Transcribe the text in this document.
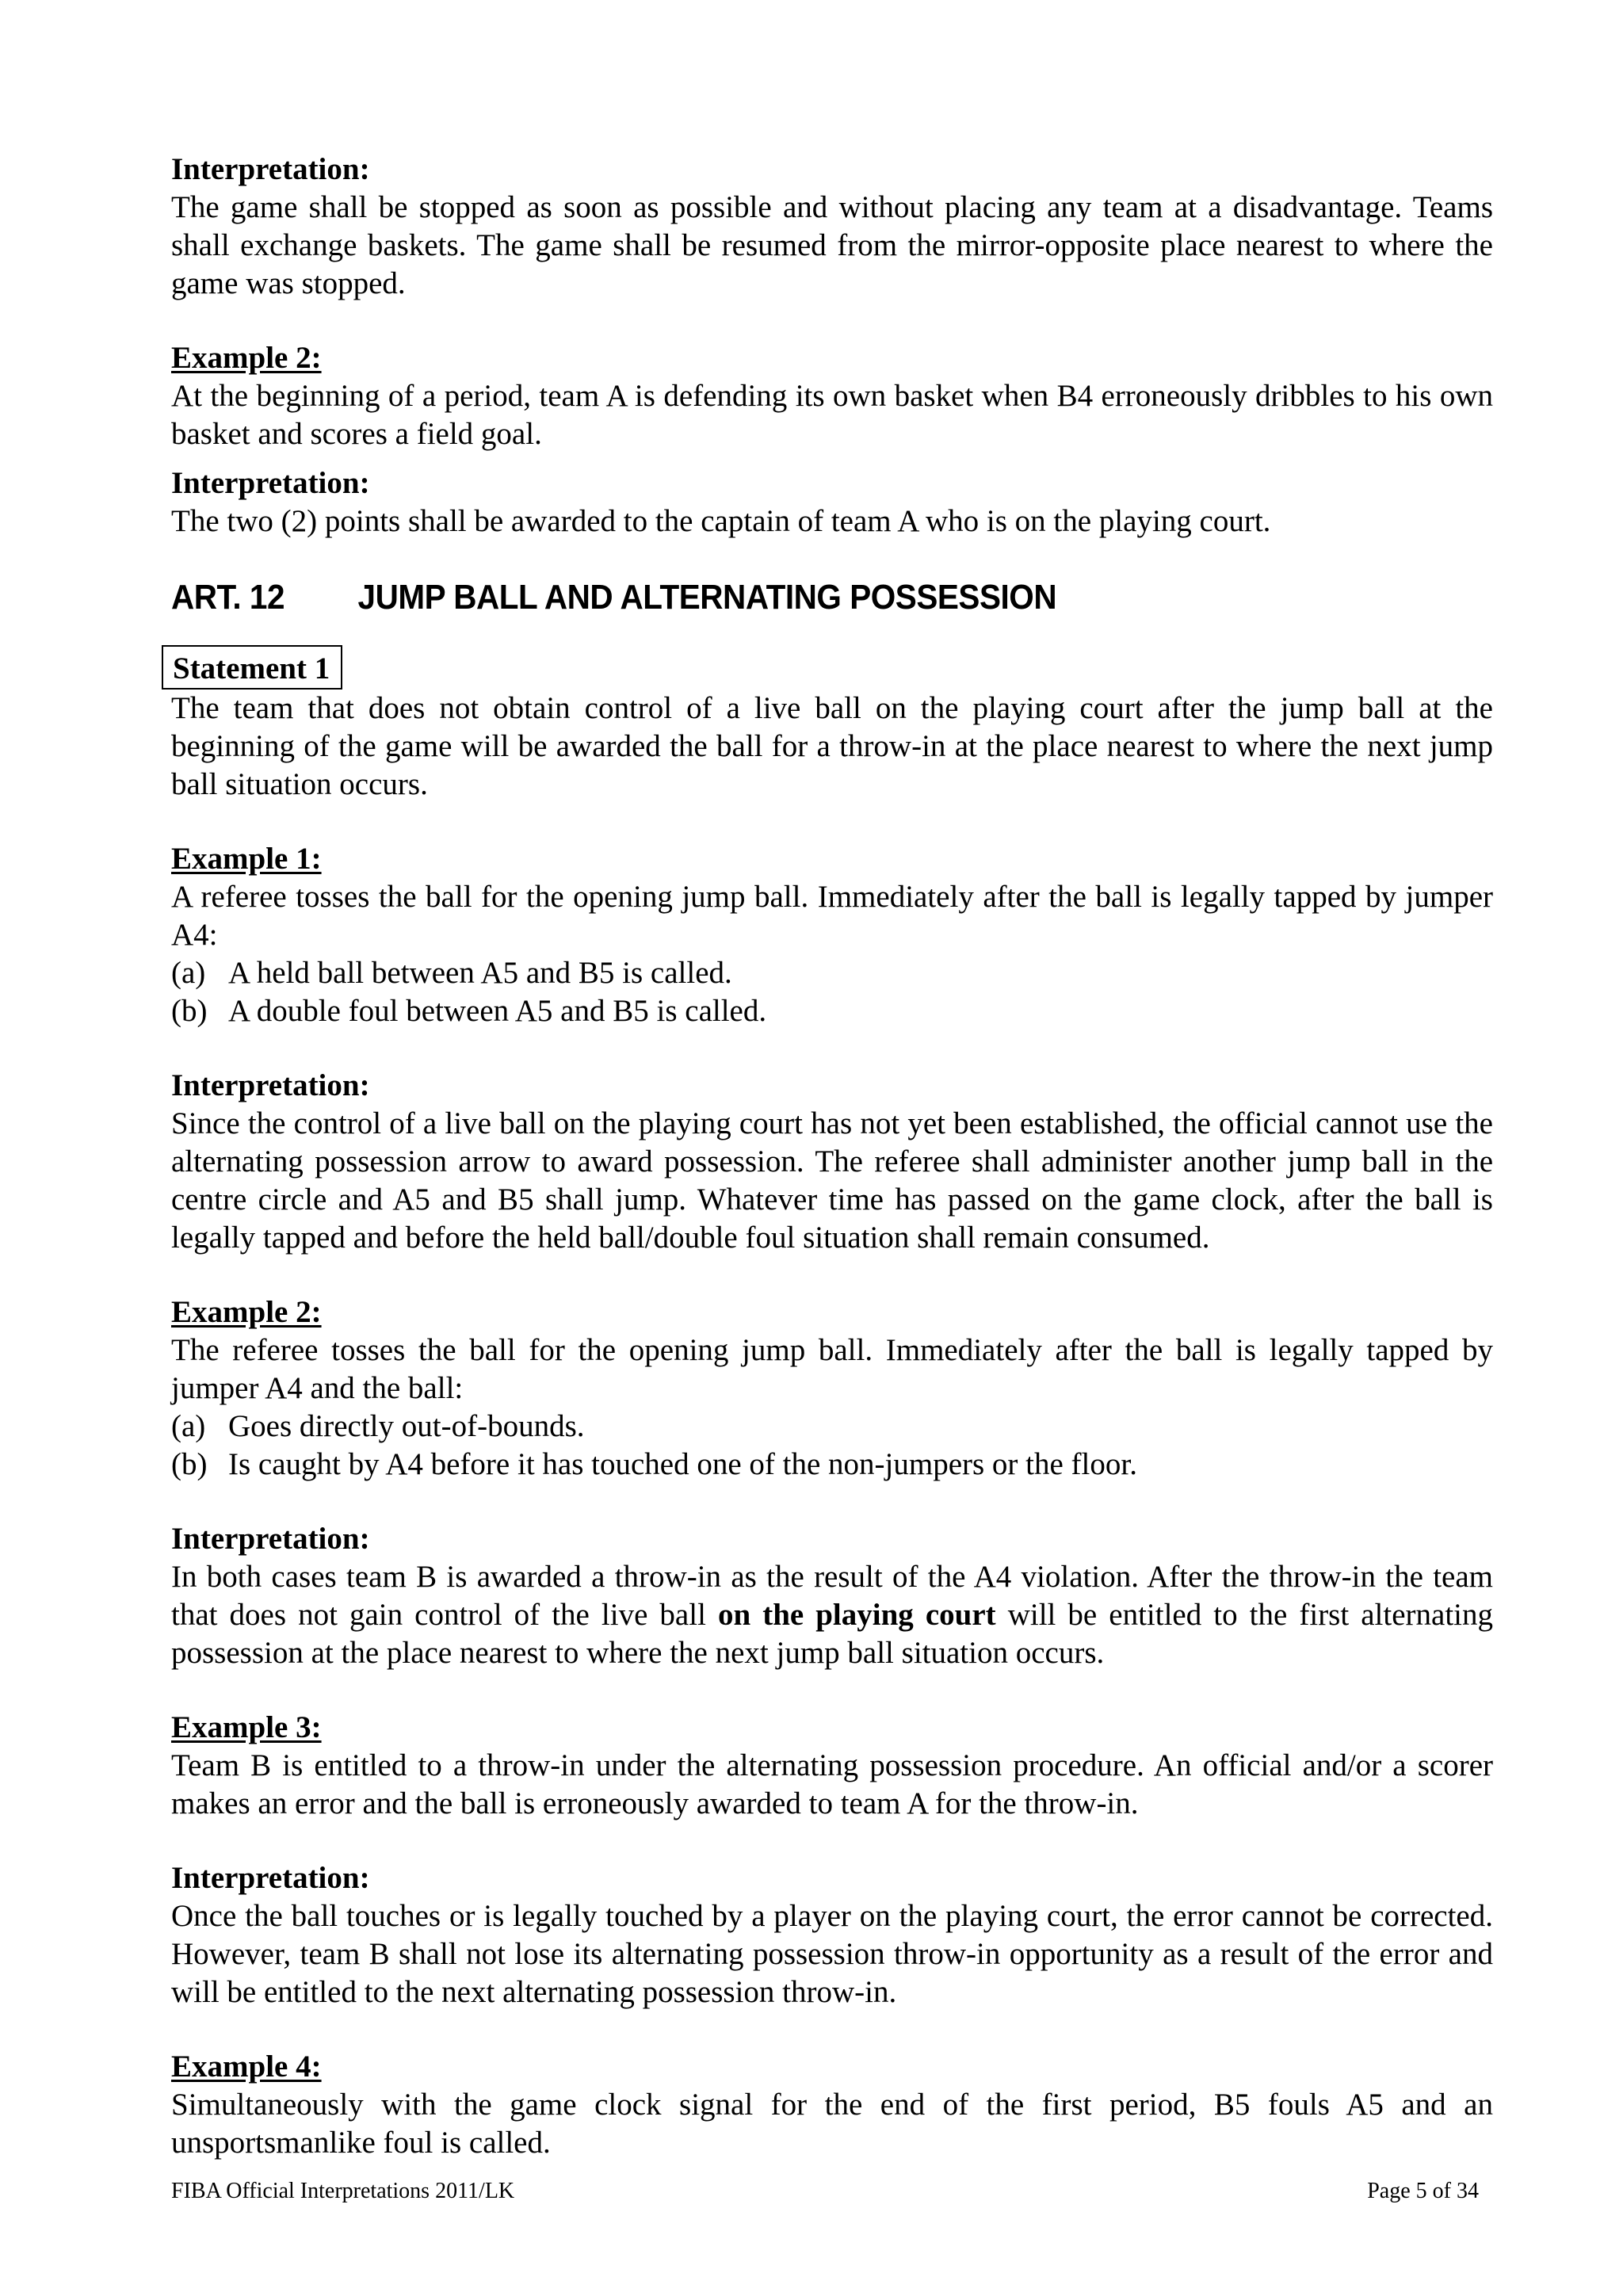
Interpretation:

The game shall be stopped as soon as possible and without placing any team at a disadvantage. Teams shall exchange baskets. The game shall be resumed from the mirror-opposite place nearest to where the game was stopped.

Example 2:

At the beginning of a period, team A is defending its own basket when B4 erroneously dribbles to his own basket and scores a field goal.

Interpretation:

The two (2) points shall be awarded to the captain of team A who is on the playing court.

ART. 12	JUMP BALL AND ALTERNATING POSSESSION
Statement 1

The team that does not obtain control of a live ball on the playing court after the jump ball at the beginning of the game will be awarded the ball for a throw-in at the place nearest to where the next jump ball situation occurs.

Example 1:

A referee tosses the ball for the opening jump ball. Immediately after the ball is legally tapped by jumper A4:

(a) A held ball between A5 and B5 is called.
(b) A double foul between A5 and B5 is called.

Interpretation:

Since the control of a live ball on the playing court has not yet been established, the official cannot use the alternating possession arrow to award possession. The referee shall administer another jump ball in the centre circle and A5 and B5 shall jump. Whatever time has passed on the game clock, after the ball is legally tapped and before the held ball/double foul situation shall remain consumed.

Example 2:

The referee tosses the ball for the opening jump ball. Immediately after the ball is legally tapped by jumper A4 and the ball:

(a) Goes directly out-of-bounds.
(b) Is caught by A4 before it has touched one of the non-jumpers or the floor.

Interpretation:

In both cases team B is awarded a throw-in as the result of the A4 violation. After the throw-in the team that does not gain control of the live ball on the playing court will be entitled to the first alternating possession at the place nearest to where the next jump ball situation occurs.

Example 3:

Team B is entitled to a throw-in under the alternating possession procedure. An official and/or a scorer makes an error and the ball is erroneously awarded to team A for the throw-in.

Interpretation:

Once the ball touches or is legally touched by a player on the playing court, the error cannot be corrected. However, team B shall not lose its alternating possession throw-in opportunity as a result of the error and will be entitled to the next alternating possession throw-in.

Example 4:

Simultaneously with the game clock signal for the end of the first period, B5 fouls A5 and an unsportsmanlike foul is called.

FIBA Official Interpretations 2011/LK	Page 5 of 34
